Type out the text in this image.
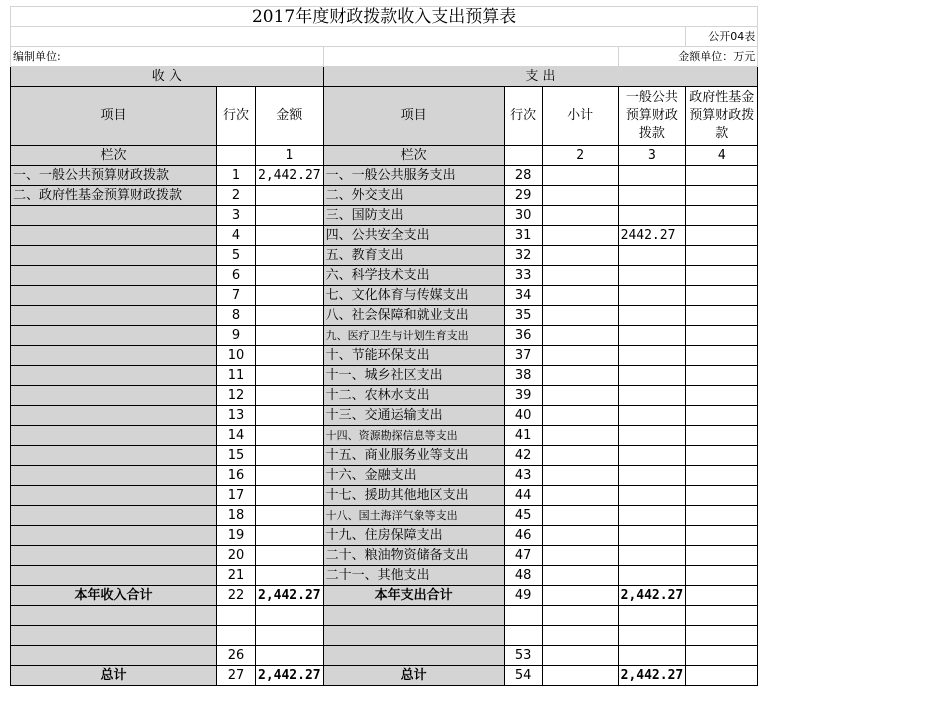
2017年度财政拨款收入支出预算表							
							公开04表
编制单位:						金额单位：万元	
收 入			支 出				
项目	行次	金额	项目	行次	小计	一般公共预算财政拨款	政府性基金预算财政拨款
栏次		1	栏次		2	3	4
一、一般公共预算财政拨款	1	2,442.27	一、一般公共服务支出	28			
二、政府性基金预算财政拨款	2		二、外交支出	29			
	3		三、国防支出	30			
	4		四、公共安全支出	31		2442.27	
	5		五、教育支出	32			
	6		六、科学技术支出	33			
	7		七、文化体育与传媒支出	34			
	8		八、社会保障和就业支出	35			
	9		九、医疗卫生与计划生育支出	36			
	10		十、节能环保支出	37			
	11		十一、城乡社区支出	38			
	12		十二、农林水支出	39			
	13		十三、交通运输支出	40			
	14		十四、资源勘探信息等支出	41			
	15		十五、商业服务业等支出	42			
	16		十六、金融支出	43			
	17		十七、援助其他地区支出	44			
	18		十八、国土海洋气象等支出	45			
	19		十九、住房保障支出	46			
	20		二十、粮油物资储备支出	47			
	21		二十一、其他支出	48			
本年收入合计	22	2,442.27	本年支出合计	49		2,442.27	

	26			53			
总计	27	2,442.27	总计	54		2,442.27	
